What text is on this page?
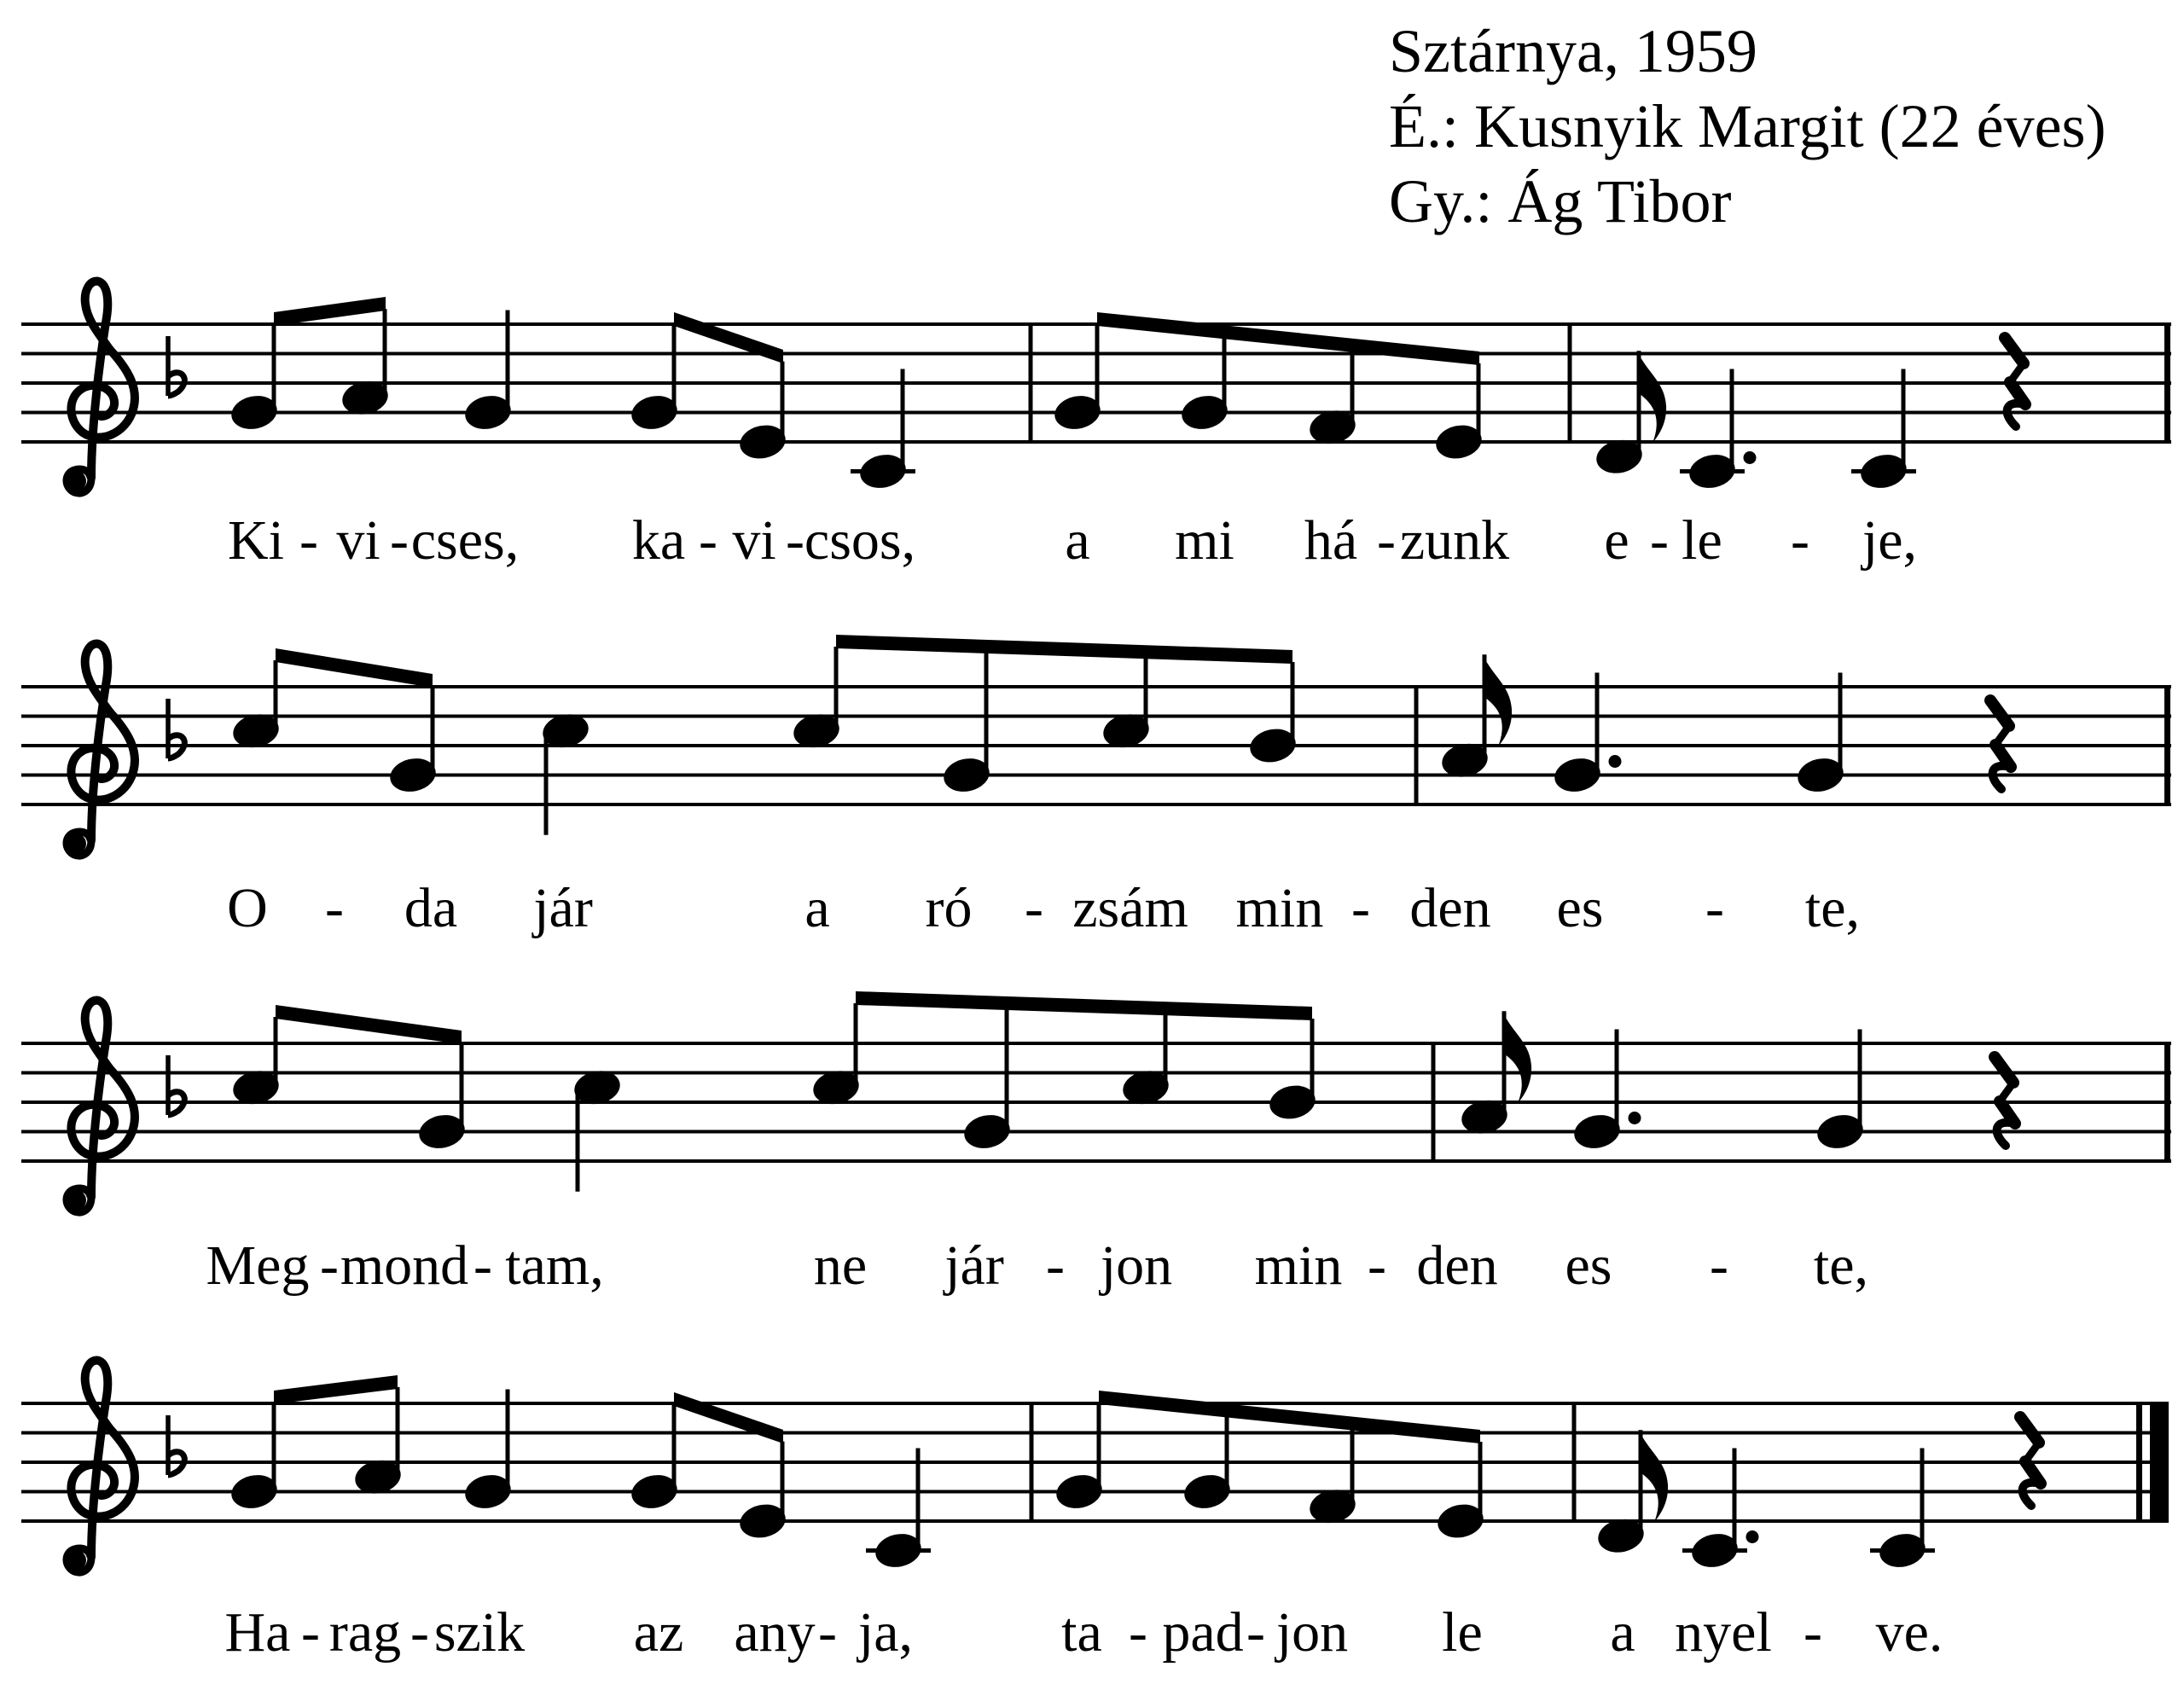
Sztárnya, 1959
É.: Kusnyik Margit (22 éves)
Gy.: Ág Tibor
Ki - vi - cses, ka - vi - csos,	a mi há - zunk e - le - je,
O - da jár	a ró - zsám min - den es - te,
Meg - mond - tam,	ne jár - jon min - den es - te,
Ha - rag - szik az any - ja,	ta - pad - jon le a nyel - ve.
